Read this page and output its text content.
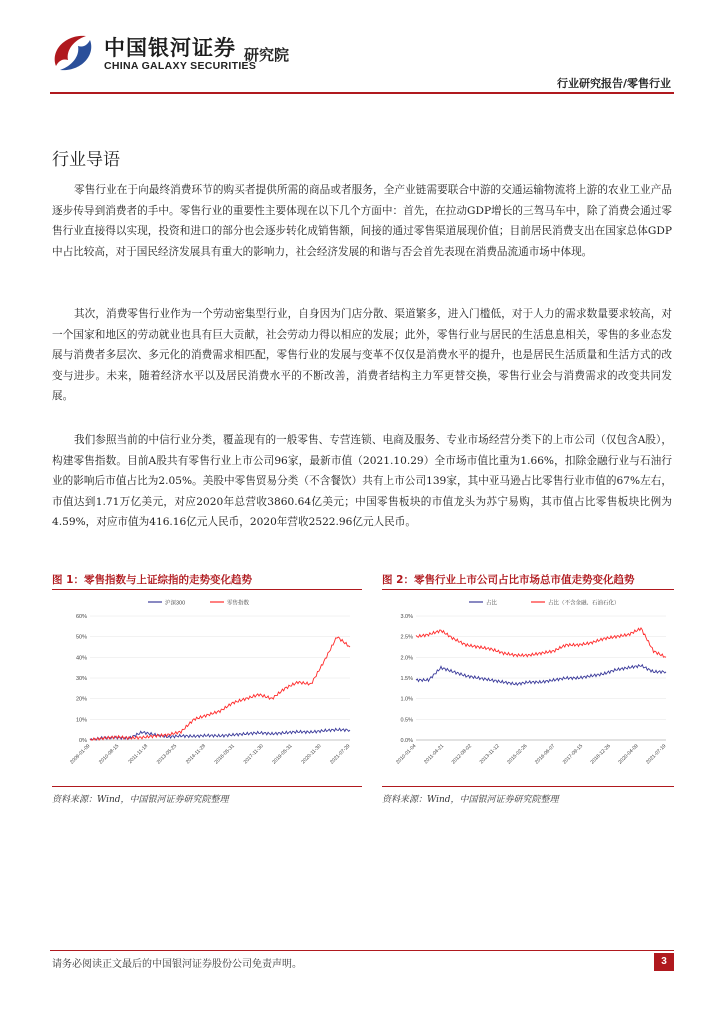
中国银河证券
CHINA GALAXY SECURITIES
研究院
行业研究报告/零售行业
行业导语

零售行业在于向最终消费环节的购买者提供所需的商品或者服务，全产业链需要联合中游的交通运输物流将上游的农业工业产品逐步传导到消费者的手中。零售行业的重要性主要体现在以下几个方面中：首先，在拉动GDP增长的三驾马车中，除了消费会通过零售行业直接得以实现，投资和进口的部分也会逐步转化成销售额，间接的通过零售渠道展现价值；目前居民消费支出在国家总体GDP中占比较高，对于国民经济发展具有重大的影响力，社会经济发展的和谐与否会首先表现在消费品流通市场中体现。

其次，消费零售行业作为一个劳动密集型行业，自身因为门店分散、渠道繁多，进入门槛低，对于人力的需求数量要求较高，对一个国家和地区的劳动就业也具有巨大贡献，社会劳动力得以相应的发展；此外，零售行业与居民的生活息息相关，零售的多业态发展与消费者多层次、多元化的消费需求相匹配，零售行业的发展与变革不仅仅是消费水平的提升，也是居民生活质量和生活方式的改变与进步。未来，随着经济水平以及居民消费水平的不断改善，消费者结构主力军更替交换，零售行业会与消费需求的改变共同发展。

我们参照当前的中信行业分类，覆盖现有的一般零售、专营连锁、电商及服务、专业市场经营分类下的上市公司（仅包含A股），构建零售指数。目前A股共有零售行业上市公司96家，最新市值（2021.10.29）全市场市值比重为1.66%，扣除金融行业与石油行业的影响后市值占比为2.05%。美股中零售贸易分类（不含餐饮）共有上市公司139家，其中亚马逊占比零售行业市值的67%左右，市值达到1.71万亿美元，对应2020年总营收3860.64亿美元；中国零售板块的市值龙头为苏宁易购，其市值占比零售板块比例为4.59%，对应市值为416.16亿元人民币，2020年营收2522.96亿元人民币。

图 1：零售指数与上证综指的走势变化趋势	图 2：零售行业上市公司占比市场总市值走势变化趋势
沪深300	零售指数
0%
10%
20%
30%
40%
50%
60%
2009-01-09 2010-08-15 2011-11-18 2013-05-25 2014-11-28 2016-05-31 2017-11-30 2019-05-31 2020-11-30 2021-07-29
占比	占比（不含金融、石油石化）
0.0%
0.5%
1.0%
1.5%
2.0%
2.5%
3.0%
2010-01-04 2011-04-21 2012-08-02 2013-11-12 2015-02-26 2016-06-07 2017-09-15 2018-12-26 2020-04-09 2021-07-19
资料来源：Wind，中国银河证券研究院整理	资料来源：Wind，中国银河证券研究院整理
请务必阅读正文最后的中国银河证券股份公司免责声明。	3
